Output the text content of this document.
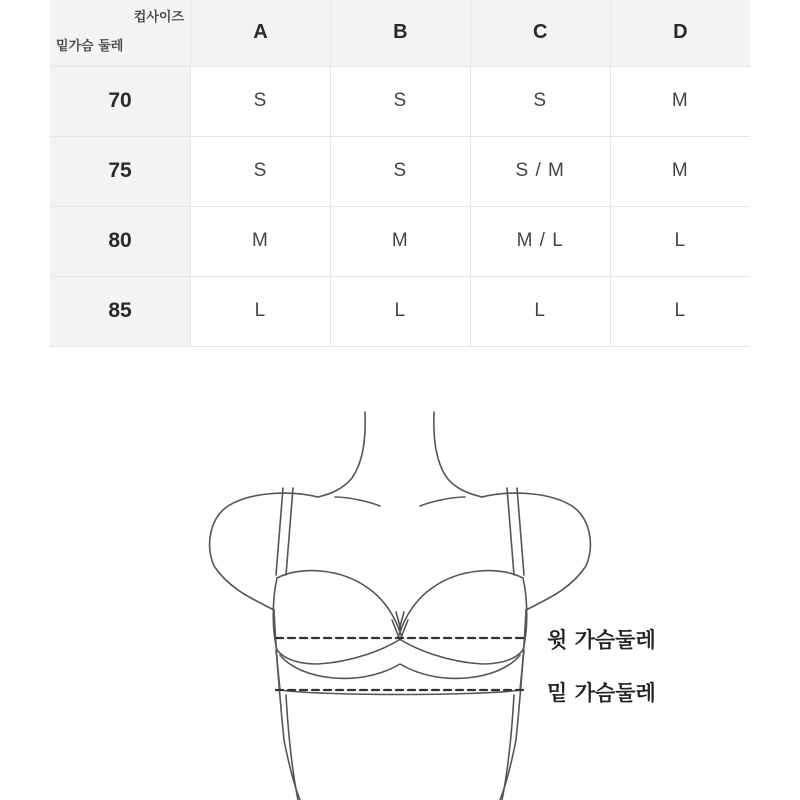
컵사이즈
밑가슴 둘레	A	B	C	D
70	S	S	S	M
75	S	S	S / M	M
80	M	M	M / L	L
85	L	L	L	L
윗 가슴둘레
밑 가슴둘레
